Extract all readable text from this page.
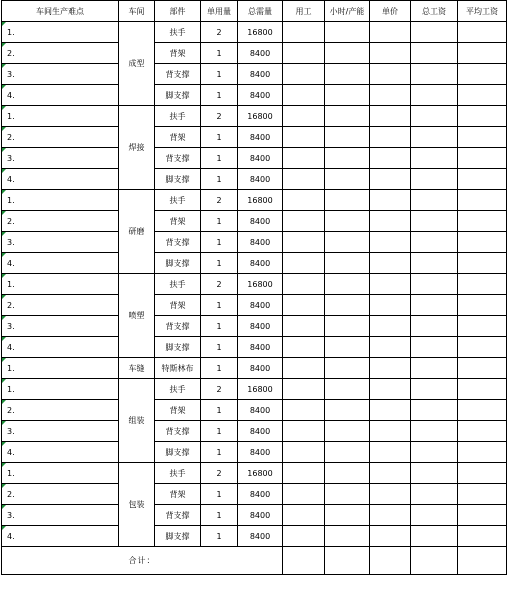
车间生产难点	车间	部件	单用量	总需量	用工	小时/产能	单价	总工资	平均工资

1.	成型	扶手	2	16800					

2.		背架	1	8400					

3.		背支撑	1	8400					

4.		脚支撑	1	8400					

1.	焊接	扶手	2	16800					

2.		背架	1	8400					

3.		背支撑	1	8400					

4.		脚支撑	1	8400					

1.	研磨	扶手	2	16800					

2.		背架	1	8400					

3.		背支撑	1	8400					

4.		脚支撑	1	8400					

1.	喷塑	扶手	2	16800					

2.		背架	1	8400					

3.		背支撑	1	8400					

4.		脚支撑	1	8400					

1.	车缝	特斯林布	1	8400					

1.	组装	扶手	2	16800					

2.		背架	1	8400					

3.		背支撑	1	8400					

4.		脚支撑	1	8400					

1.	包装	扶手	2	16800					

2.		背架	1	8400					

3.		背支撑	1	8400					

4.		脚支撑	1	8400					
合计：									
